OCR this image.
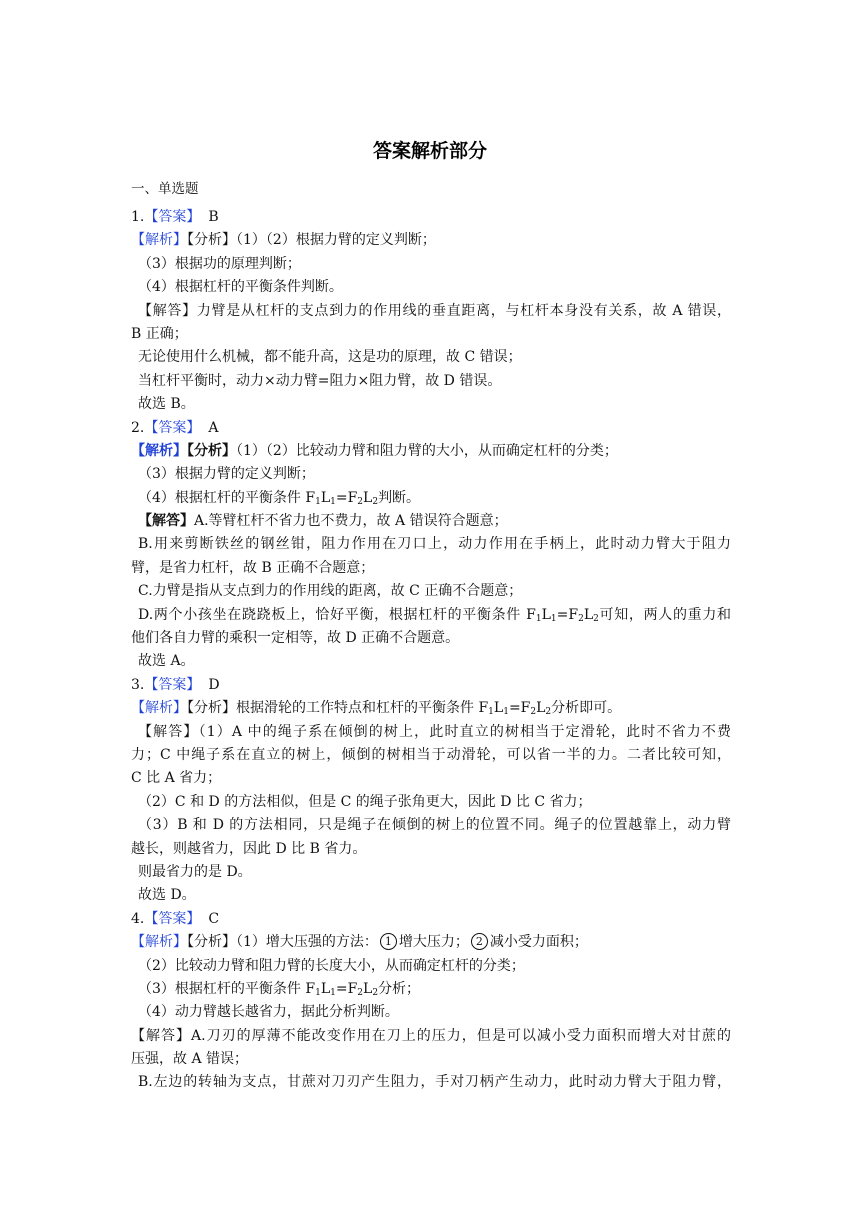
答案解析部分
一、单选题
1.【答案】 B
【解析】【分析】（1）（2）根据力臂的定义判断；
（3）根据功的原理判断；
（4）根据杠杆的平衡条件判断。
【解答】力臂是从杠杆的支点到力的作用线的垂直距离，与杠杆本身没有关系，故 A 错误，
B 正确；
无论使用什么机械，都不能升高，这是功的原理，故 C 错误；
当杠杆平衡时，动力×动力臂=阻力×阻力臂，故 D 错误。
故选 B。
2.【答案】 A
【解析】【分析】（1）（2）比较动力臂和阻力臂的大小，从而确定杠杆的分类；
（3）根据力臂的定义判断；
（4）根据杠杆的平衡条件 $F_1L_1=F_2L_2$判断。
【解答】A.等臂杠杆不省力也不费力，故 A 错误符合题意；
B.用来剪断铁丝的钢丝钳，阻力作用在刀口上，动力作用在手柄上，此时动力臂大于阻力
臂，是省力杠杆，故 B 正确不合题意；
C.力臂是指从支点到力的作用线的距离，故 C 正确不合题意；
D.两个小孩坐在跷跷板上，恰好平衡，根据杠杆的平衡条件 $F_1L_1=F_2L_2$可知，两人的重力和
他们各自力臂的乘积一定相等，故 D 正确不合题意。
故选 A。
3.【答案】 D
【解析】【分析】根据滑轮的工作特点和杠杆的平衡条件 $F_1L_1=F_2L_2$分析即可。
【解答】（1）A 中的绳子系在倾倒的树上，此时直立的树相当于定滑轮，此时不省力不费
力；C 中绳子系在直立的树上，倾倒的树相当于动滑轮，可以省一半的力。二者比较可知，
C 比 A 省力；
（2）C 和 D 的方法相似，但是 C 的绳子张角更大，因此 D 比 C 省力；
（3）B 和 D 的方法相同，只是绳子在倾倒的树上的位置不同。绳子的位置越靠上，动力臂
越长，则越省力，因此 D 比 B 省力。
则最省力的是 D。
故选 D。
4.【答案】 C
【解析】【分析】（1）增大压强的方法： 1 增大压力； 2 减小受力面积；
（2）比较动力臂和阻力臂的长度大小，从而确定杠杆的分类；
（3）根据杠杆的平衡条件 $F_1L_1=F_2L_2$分析；
（4）动力臂越长越省力，据此分析判断。
【解答】A.刀刃的厚薄不能改变作用在刀上的压力，但是可以减小受力面积而增大对甘蔗的
压强，故 A 错误；
B.左边的转轴为支点，甘蔗对刀刃产生阻力，手对刀柄产生动力，此时动力臂大于阻力臂，
